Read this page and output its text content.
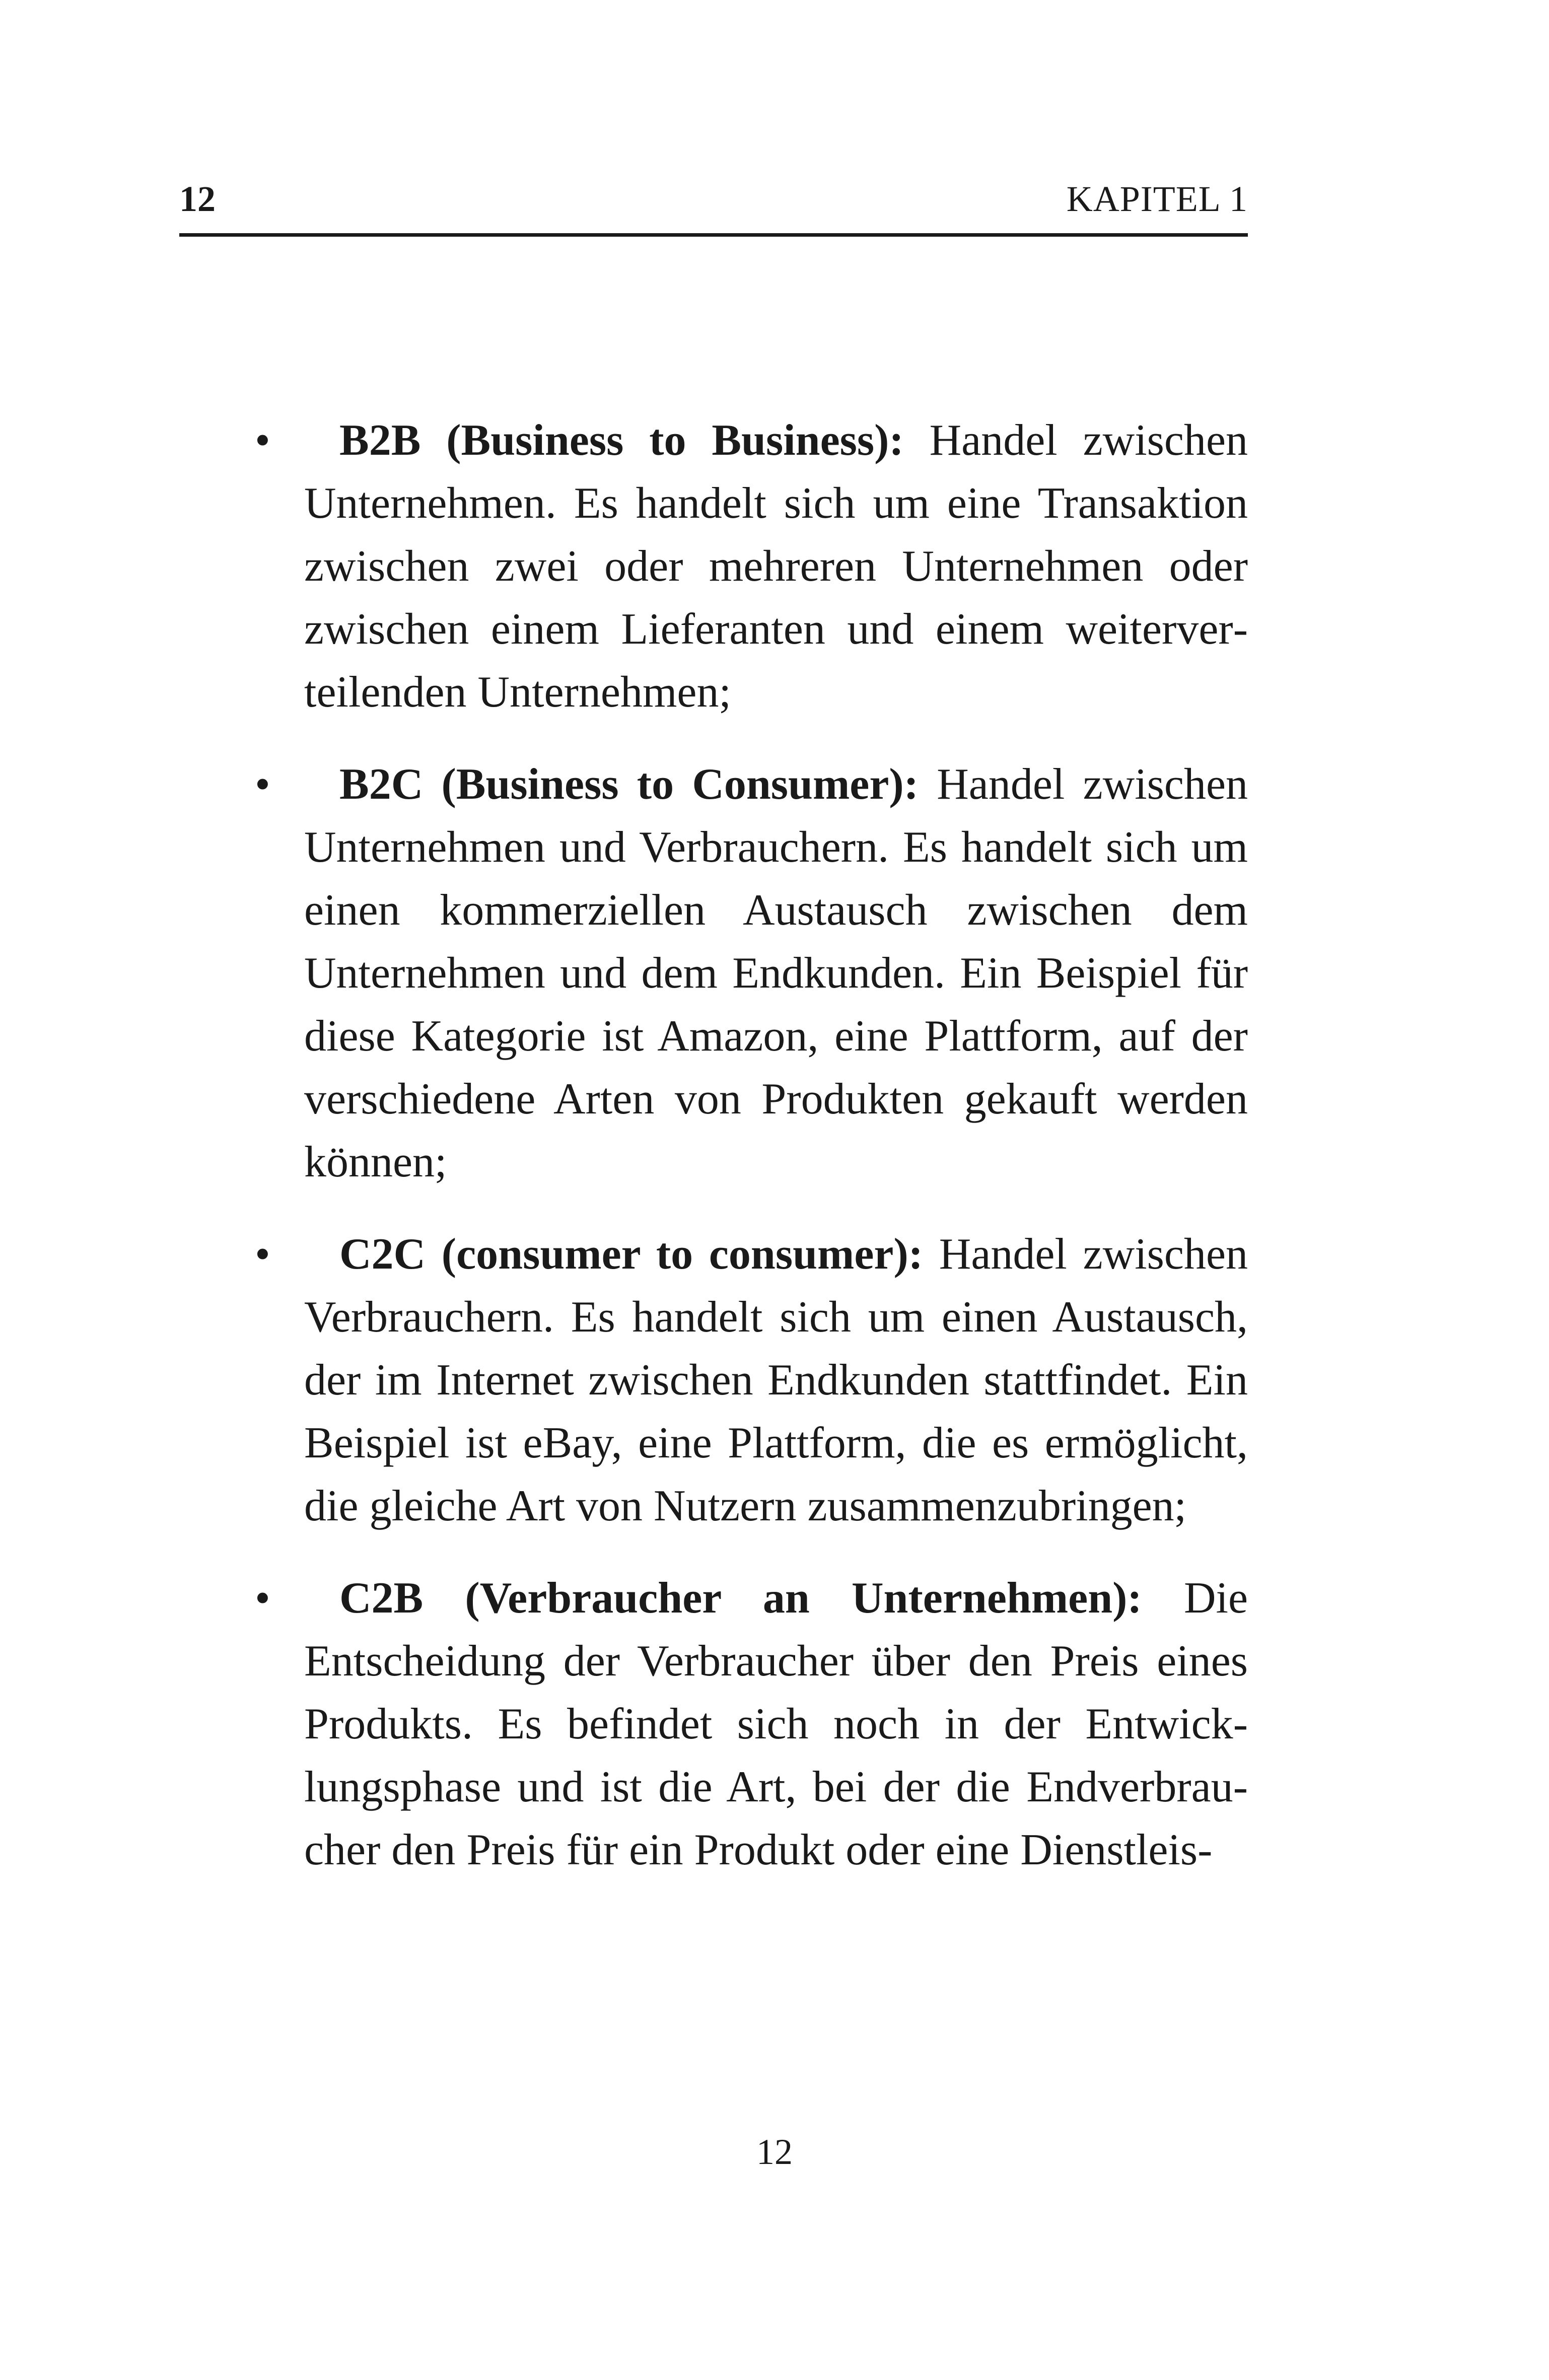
12	KAPITEL 1
• B2B (Business to Business): Handel zwischen Unternehmen. Es handelt sich um eine Transaktion zwischen zwei oder mehreren Unternehmen oder zwischen einem Lieferanten und einem weiterverteilenden Unternehmen;
• B2C (Business to Consumer): Handel zwischen Unternehmen und Verbrauchern. Es handelt sich um einen kommerziellen Austausch zwischen dem Unternehmen und dem Endkunden. Ein Beispiel für diese Kategorie ist Amazon, eine Plattform, auf der verschiedene Arten von Produkten gekauft werden können;
• C2C (consumer to consumer): Handel zwischen Verbrauchern. Es handelt sich um einen Austausch, der im Internet zwischen Endkunden stattfindet. Ein Beispiel ist eBay, eine Plattform, die es ermöglicht, die gleiche Art von Nutzern zusammenzubringen;
• C2B (Verbraucher an Unternehmen): Die Entscheidung der Verbraucher über den Preis eines Produkts. Es befindet sich noch in der Entwicklungsphase und ist die Art, bei der die Endverbraucher den Preis für ein Produkt oder eine Dienstleis-
12
